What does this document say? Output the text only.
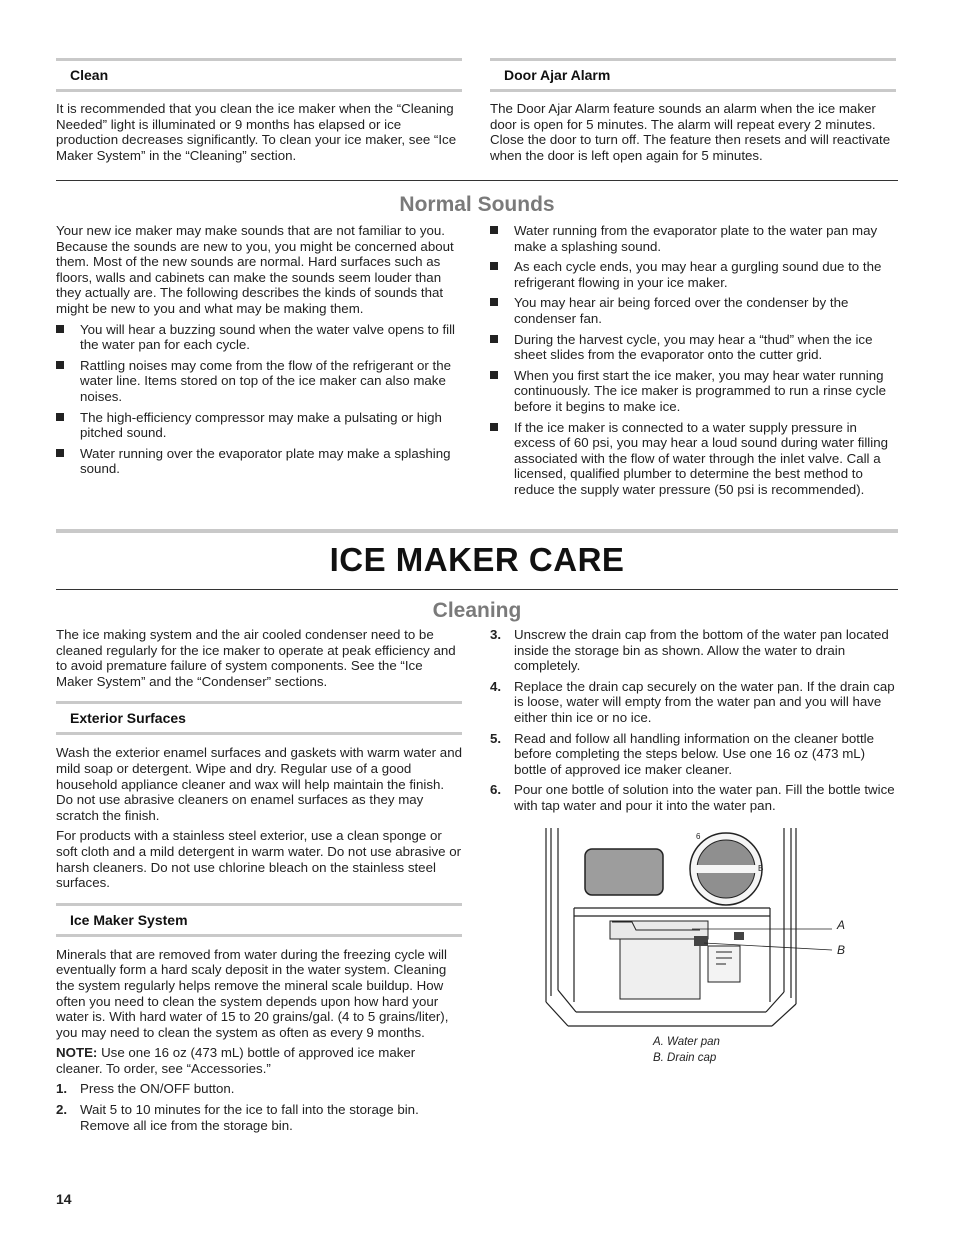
Clean

It is recommended that you clean the ice maker when the “Cleaning Needed” light is illuminated or 9 months has elapsed or ice production decreases significantly. To clean your ice maker, see “Ice Maker System” in the “Cleaning” section.

Door Ajar Alarm

The Door Ajar Alarm feature sounds an alarm when the ice maker door is open for 5 minutes. The alarm will repeat every 2 minutes. Close the door to turn off. The feature then resets and will reactivate when the door is left open again for 5 minutes.

Normal Sounds

Your new ice maker may make sounds that are not familiar to you. Because the sounds are new to you, you might be concerned about them. Most of the new sounds are normal. Hard surfaces such as floors, walls and cabinets can make the sounds seem louder than they actually are. The following describes the kinds of sounds that might be new to you and what may be making them.

You will hear a buzzing sound when the water valve opens to fill the water pan for each cycle.
Rattling noises may come from the flow of the refrigerant or the water line. Items stored on top of the ice maker can also make noises.
The high-efficiency compressor may make a pulsating or high pitched sound.
Water running over the evaporator plate may make a splashing sound.
Water running from the evaporator plate to the water pan may make a splashing sound.
As each cycle ends, you may hear a gurgling sound due to the refrigerant flowing in your ice maker.
You may hear air being forced over the condenser by the condenser fan.
During the harvest cycle, you may hear a “thud” when the ice sheet slides from the evaporator onto the cutter grid.
When you first start the ice maker, you may hear water running continuously. The ice maker is programmed to run a rinse cycle before it begins to make ice.
If the ice maker is connected to a water supply pressure in excess of 60 psi, you may hear a loud sound during water filling associated with the flow of water through the inlet valve. Call a licensed, qualified plumber to determine the best method to reduce the supply water pressure (50 psi is recommended).
ICE MAKER CARE
Cleaning

The ice making system and the air cooled condenser need to be cleaned regularly for the ice maker to operate at peak efficiency and to avoid premature failure of system components. See the “Ice Maker System” and the “Condenser” sections.

Exterior Surfaces

Wash the exterior enamel surfaces and gaskets with warm water and mild soap or detergent. Wipe and dry. Regular use of a good household appliance cleaner and wax will help maintain the finish. Do not use abrasive cleaners on enamel surfaces as they may scratch the finish.

For products with a stainless steel exterior, use a clean sponge or soft cloth and a mild detergent in warm water. Do not use abrasive or harsh cleaners. Do not use chlorine bleach on the stainless steel surfaces.

Ice Maker System

Minerals that are removed from water during the freezing cycle will eventually form a hard scaly deposit in the water system. Cleaning the system regularly helps remove the mineral scale buildup. How often you need to clean the system depends upon how hard your water is. With hard water of 15 to 20 grains/gal. (4 to 5 grains/liter), you may need to clean the system as often as every 9 months.

NOTE: Use one 16 oz (473 mL) bottle of approved ice maker cleaner. To order, see “Accessories.”

1. Press the ON/OFF button.
2. Wait 5 to 10 minutes for the ice to fall into the storage bin. Remove all ice from the storage bin.
3. Unscrew the drain cap from the bottom of the water pan located inside the storage bin as shown. Allow the water to drain completely.
4. Replace the drain cap securely on the water pan. If the drain cap is loose, water will empty from the water pan and you will have either thin ice or no ice.
5. Read and follow all handling information on the cleaner bottle before completing the steps below. Use one 16 oz (473 mL) bottle of approved ice maker cleaner.
6. Pour one bottle of solution into the water pan. Fill the bottle twice with tap water and pour it into the water pan.
6
B
A
B
A. Water pan
B. Drain cap
14
